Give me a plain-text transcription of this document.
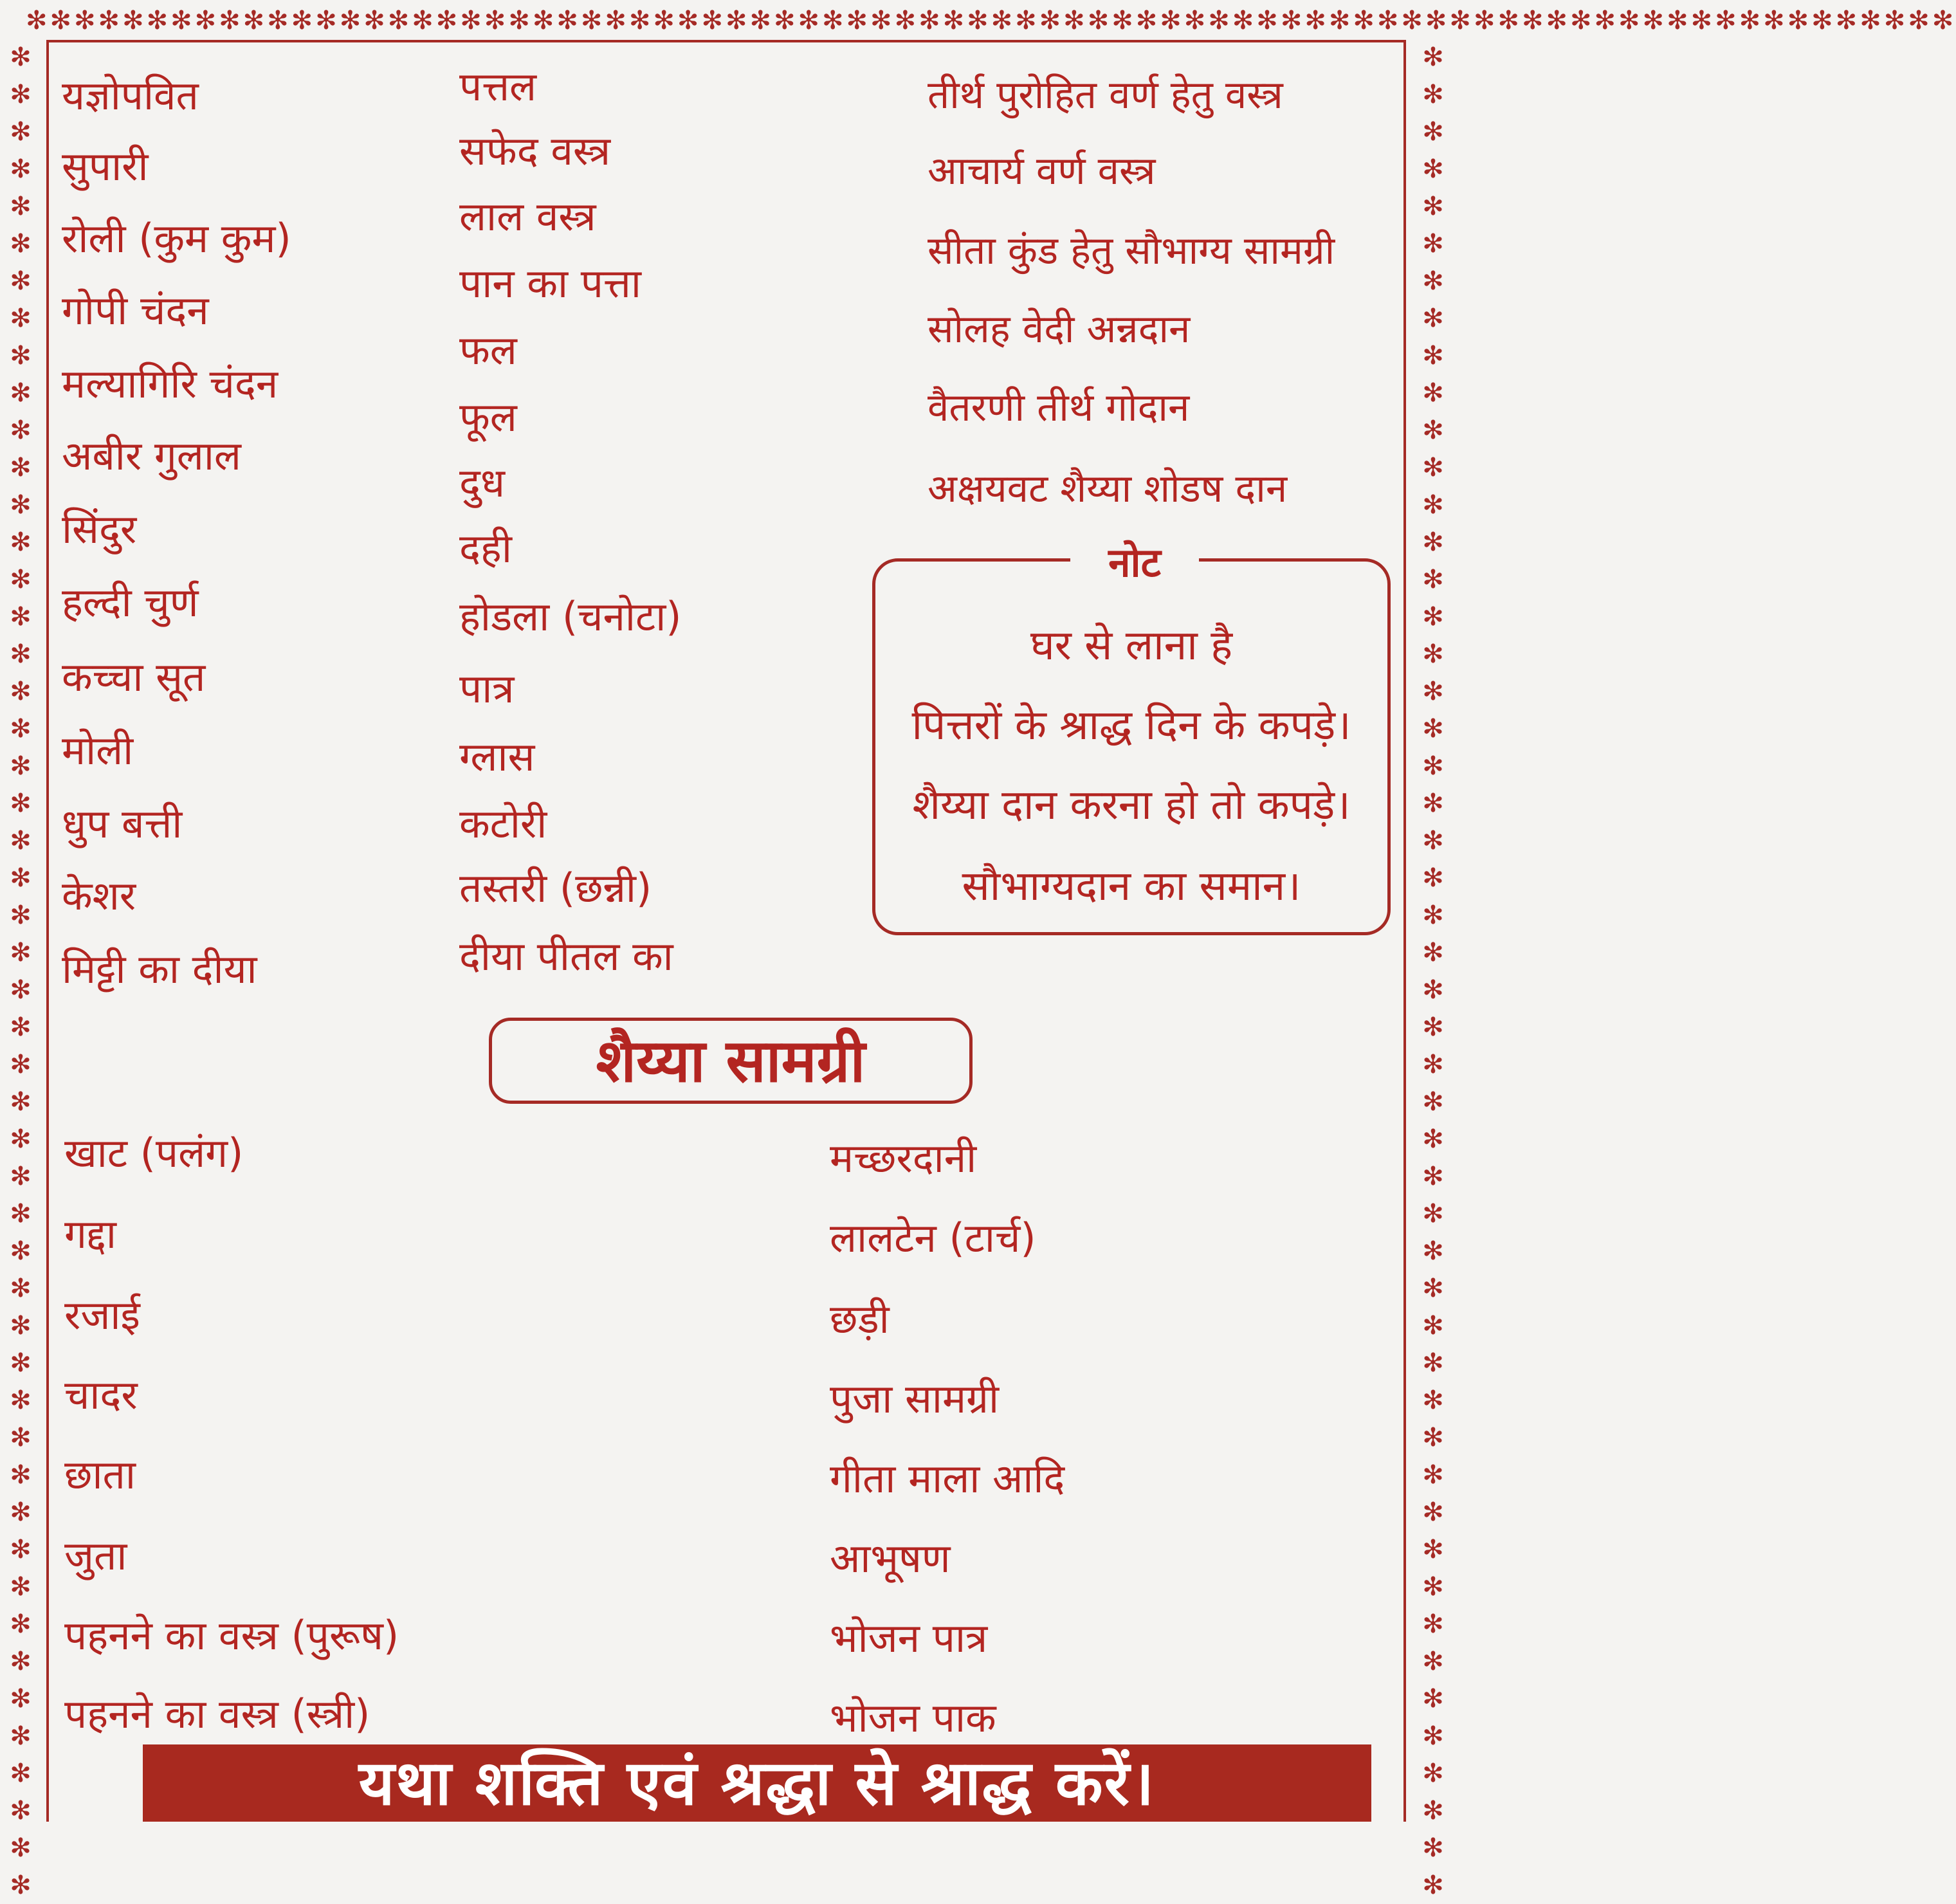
✻✻✻✻✻✻✻✻✻✻✻✻✻✻✻✻✻✻✻✻✻✻✻✻✻✻✻✻✻✻✻✻✻✻✻✻✻✻✻✻✻✻✻✻✻✻✻✻✻✻✻✻✻✻✻✻✻✻✻✻✻✻✻✻✻✻✻✻✻✻✻✻✻✻✻✻✻✻✻✻
✻✻✻✻✻✻✻✻✻✻✻✻✻✻✻✻✻✻✻✻✻✻✻✻✻✻✻✻✻✻✻✻✻✻✻✻✻✻✻✻✻✻✻✻✻✻✻✻✻✻
✻✻✻✻✻✻✻✻✻✻✻✻✻✻✻✻✻✻✻✻✻✻✻✻✻✻✻✻✻✻✻✻✻✻✻✻✻✻✻✻✻✻✻✻✻✻✻✻✻✻
यज्ञोपवित
सुपारी
रोली (कुम कुम)
गोपी चंदन
मल्यागिरि चंदन
अबीर गुलाल
सिंदुर
हल्दी चुर्ण
कच्चा सूत
मोली
धुप बत्ती
केशर
मिट्टी का दीया
पत्तल
सफेद वस्त्र
लाल वस्त्र
पान का पत्ता
फल
फूल
दुध
दही
होडला (चनोटा)
पात्र
ग्लास
कटोरी
तस्तरी (छन्नी)
दीया पीतल का
तीर्थ पुरोहित वर्ण हेतु वस्त्र
आचार्य वर्ण वस्त्र
सीता कुंड हेतु सौभाग्य सामग्री
सोलह वेदी अन्नदान
वैतरणी तीर्थ गोदान
अक्षयवट शैय्या शोडष दान
नोट
घर से लाना है
पित्तरों के श्राद्ध दिन के कपड़े।
शैय्या दान करना हो तो कपड़े।
सौभाग्यदान का समान।
शैय्या सामग्री
खाट (पलंग)
गद्दा
रजाई
चादर
छाता
जुता
पहनने का वस्त्र (पुरूष)
पहनने का वस्त्र (स्त्री)
मच्छरदानी
लालटेन (टार्च)
छड़ी
पुजा सामग्री
गीता माला आदि
आभूषण
भोजन पात्र
भोजन पाक
यथा शक्ति एवं श्रद्धा से श्राद्ध करें।
